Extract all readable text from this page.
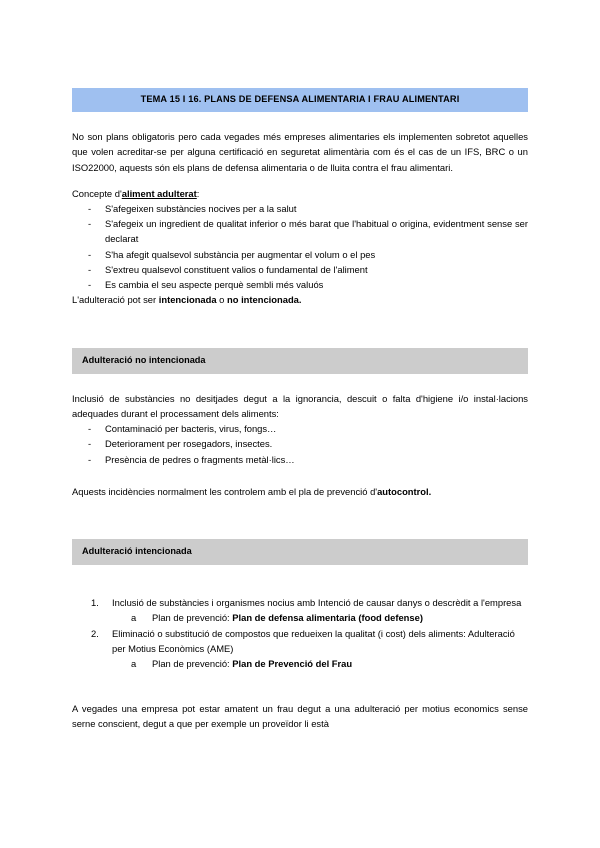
TEMA 15 I 16. PLANS DE DEFENSA ALIMENTARIA I FRAU ALIMENTARI

No son plans obligatoris pero cada vegades més empreses alimentaries els implementen sobretot aquelles que volen acreditar-se per alguna certificació en seguretat alimentària com és el cas de un IFS, BRC o un ISO22000, aquests són els plans de defensa alimentaria o de lluita contra el frau alimentari.

Concepte d'aliment adulterat:

- S'afegeixen substàncies nocives per a la salut
- S'afegeix un ingredient de qualitat inferior o més barat que l'habitual o origina, evidentment sense ser declarat
- S'ha afegit qualsevol substància per augmentar el volum o el pes
- S'extreu qualsevol constituent valios o fundamental de l'aliment
- Es cambia el seu aspecte perquè sembli més valuós

L'adulteració pot ser intencionada o no intencionada.

Adulteració no intencionada

Inclusió de substàncies no desitjades degut a la ignorancia, descuit o falta d'higiene i/o instal·lacions adequades durant el processament dels aliments:

- Contaminació per bacteris, virus, fongs…
- Deteriorament per rosegadors, insectes.
- Presència de pedres o fragments metàl·lics…

Aquests incidències normalment les controlem amb el pla de prevenció d'autocontrol.

Adulteració intencionada
1. Inclusió de substàncies i organismes nocius amb Intenció de causar danys o descrèdit a l'empresa
a Plan de prevenció: Plan de defensa alimentaria (food defense)
2. Eliminació o substitució de compostos que redueixen la qualitat (i cost) dels aliments: Adulteració per Motius Econòmics (AME)
a Plan de prevenció: Plan de Prevenció del Frau

A vegades una empresa pot estar amatent un frau degut a una adulteració per motius economics sense serne conscient, degut a que per exemple un proveïdor li està
